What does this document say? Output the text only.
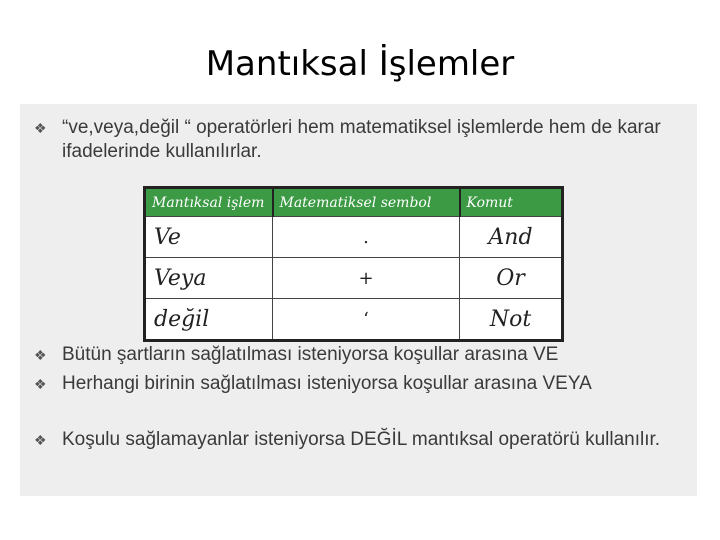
Mantıksal İşlemler
❖ “ve,veya,değil “ operatörleri hem matematiksel işlemlerde hem de karar ifadelerinde kullanılırlar.
Mantıksal işlem	Matematiksel sembol	Komut
Ve	.	And
Veya	+	Or
değil	‘	Not
❖ Bütün şartların sağlatılması isteniyorsa koşullar arasına VE
❖ Herhangi birinin sağlatılması isteniyorsa koşullar arasına VEYA
❖ Koşulu sağlamayanlar isteniyorsa DEĞİL mantıksal operatörü kullanılır.
